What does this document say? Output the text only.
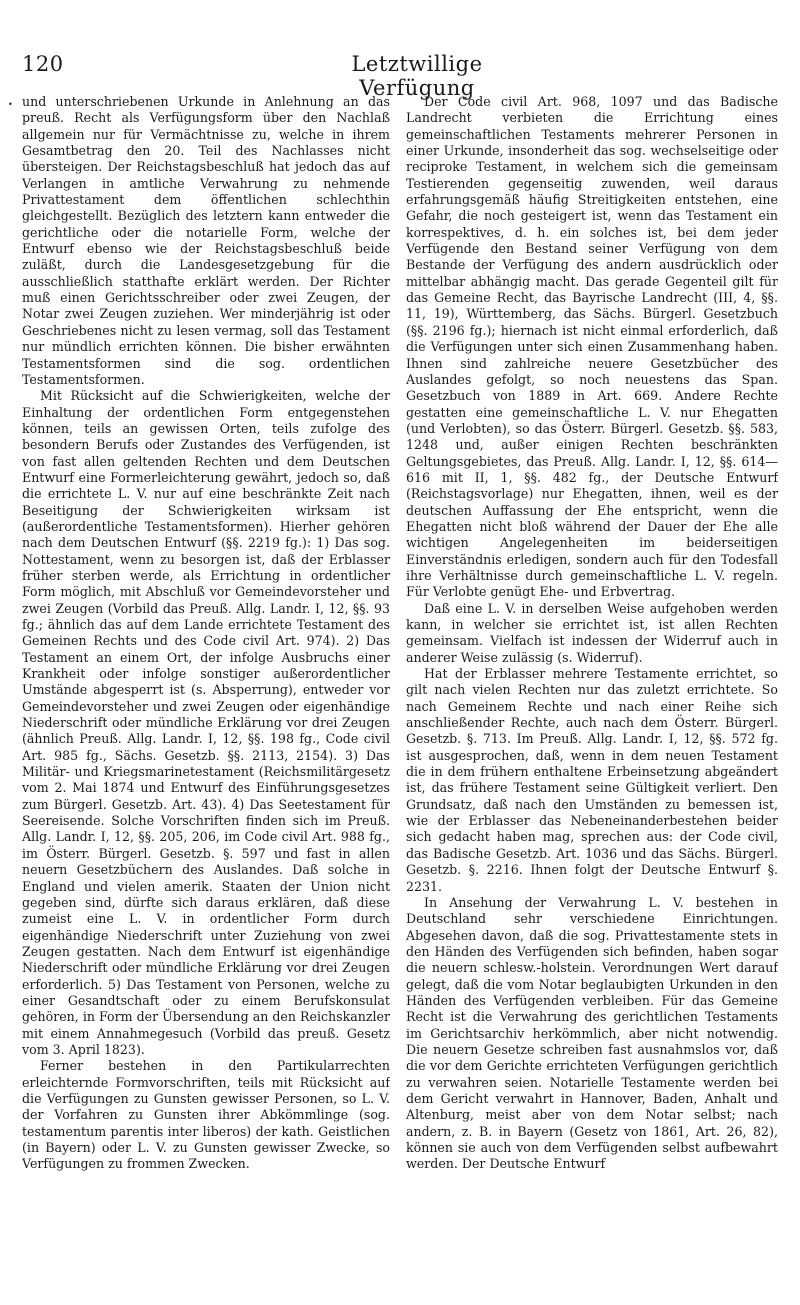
120	Letztwillige Verfügung
• und unterschriebenen Urkunde in Anlehnung an das preuß. Recht als Verfügungsform über den Nachlaß allgemein nur für Vermächtnisse zu, welche in ihrem Gesamtbetrag den 20. Teil des Nachlasses nicht übersteigen. Der Reichstagsbeschluß hat jedoch das auf Verlangen in amtliche Verwahrung zu nehmende Privattestament dem öffentlichen schlechthin gleichgestellt. Bezüglich des letztern kann entweder die gerichtliche oder die notarielle Form, welche der Entwurf ebenso wie der Reichstagsbeschluß beide zuläßt, durch die Landesgesetzgebung für die ausschließlich statthafte erklärt werden. Der Richter muß einen Gerichtsschreiber oder zwei Zeugen, der Notar zwei Zeugen zuziehen. Wer minderjährig ist oder Geschriebenes nicht zu lesen vermag, soll das Testament nur mündlich errichten können. Die bisher erwähnten Testamentsformen sind die sog. ordentlichen Testamentsformen.

Mit Rücksicht auf die Schwierigkeiten, welche der Einhaltung der ordentlichen Form entgegenstehen können, teils an gewissen Orten, teils zufolge des besondern Berufs oder Zustandes des Verfügenden, ist von fast allen geltenden Rechten und dem Deutschen Entwurf eine Formerleichterung gewährt, jedoch so, daß die errichtete L. V. nur auf eine beschränkte Zeit nach Beseitigung der Schwierigkeiten wirksam ist (außerordentliche Testamentsformen). Hierher gehören nach dem Deutschen Entwurf (§§. 2219 fg.): 1) Das sog. Nottestament, wenn zu besorgen ist, daß der Erblasser früher sterben werde, als Errichtung in ordentlicher Form möglich, mit Abschluß vor Gemeindevorsteher und zwei Zeugen (Vorbild das Preuß. Allg. Landr. I, 12, §§. 93 fg.; ähnlich das auf dem Lande errichtete Testament des Gemeinen Rechts und des Code civil Art. 974). 2) Das Testament an einem Ort, der infolge Ausbruchs einer Krankheit oder infolge sonstiger außerordentlicher Umstände abgesperrt ist (s. Absperrung), entweder vor Gemeindevorsteher und zwei Zeugen oder eigenhändige Niederschrift oder mündliche Erklärung vor drei Zeugen (ähnlich Preuß. Allg. Landr. I, 12, §§. 198 fg., Code civil Art. 985 fg., Sächs. Gesetzb. §§. 2113, 2154). 3) Das Militär- und Kriegsmarinetestament (Reichsmilitärgesetz vom 2. Mai 1874 und Entwurf des Einführungsgesetzes zum Bürgerl. Gesetzb. Art. 43). 4) Das Seetestament für Seereisende. Solche Vorschriften finden sich im Preuß. Allg. Landr. I, 12, §§. 205, 206, im Code civil Art. 988 fg., im Österr. Bürgerl. Gesetzb. §. 597 und fast in allen neuern Gesetzbüchern des Auslandes. Daß solche in England und vielen amerik. Staaten der Union nicht gegeben sind, dürfte sich daraus erklären, daß diese zumeist eine L. V. in ordentlicher Form durch eigenhändige Niederschrift unter Zuziehung von zwei Zeugen gestatten. Nach dem Entwurf ist eigenhändige Niederschrift oder mündliche Erklärung vor drei Zeugen erforderlich. 5) Das Testament von Personen, welche zu einer Gesandtschaft oder zu einem Berufskonsulat gehören, in Form der Übersendung an den Reichskanzler mit einem Annahmegesuch (Vorbild das preuß. Gesetz vom 3. April 1823).

Ferner bestehen in den Partikularrechten erleichternde Formvorschriften, teils mit Rücksicht auf die Verfügungen zu Gunsten gewisser Personen, so L. V. der Vorfahren zu Gunsten ihrer Abkömmlinge (sog. testamentum parentis inter liberos) der kath. Geistlichen (in Bayern) oder L. V. zu Gunsten gewisser Zwecke, so Verfügungen zu frommen Zwecken.

Der Code civil Art. 968, 1097 und das Badische Landrecht verbieten die Errichtung eines gemeinschaftlichen Testaments mehrerer Personen in einer Urkunde, insonderheit das sog. wechselseitige oder reciproke Testament, in welchem sich die gemeinsam Testierenden gegenseitig zuwenden, weil daraus erfahrungsgemäß häufig Streitigkeiten entstehen, eine Gefahr, die noch gesteigert ist, wenn das Testament ein korrespektives, d. h. ein solches ist, bei dem jeder Verfügende den Bestand seiner Verfügung von dem Bestande der Verfügung des andern ausdrücklich oder mittelbar abhängig macht. Das gerade Gegenteil gilt für das Gemeine Recht, das Bayrische Landrecht (III, 4, §§. 11, 19), Württemberg, das Sächs. Bürgerl. Gesetzbuch (§§. 2196 fg.); hiernach ist nicht einmal erforderlich, daß die Verfügungen unter sich einen Zusammenhang haben. Ihnen sind zahlreiche neuere Gesetzbücher des Auslandes gefolgt, so noch neuestens das Span. Gesetzbuch von 1889 in Art. 669. Andere Rechte gestatten eine gemeinschaftliche L. V. nur Ehegatten (und Verlobten), so das Österr. Bürgerl. Gesetzb. §§. 583, 1248 und, außer einigen Rechten beschränkten Geltungsgebietes, das Preuß. Allg. Landr. I, 12, §§. 614—616 mit II, 1, §§. 482 fg., der Deutsche Entwurf (Reichstagsvorlage) nur Ehegatten, ihnen, weil es der deutschen Auffassung der Ehe entspricht, wenn die Ehegatten nicht bloß während der Dauer der Ehe alle wichtigen Angelegenheiten im beiderseitigen Einverständnis erledigen, sondern auch für den Todesfall ihre Verhältnisse durch gemeinschaftliche L. V. regeln. Für Verlobte genügt Ehe- und Erbvertrag.

Daß eine L. V. in derselben Weise aufgehoben werden kann, in welcher sie errichtet ist, ist allen Rechten gemeinsam. Vielfach ist indessen der Widerruf auch in anderer Weise zulässig (s. Widerruf).

Hat der Erblasser mehrere Testamente errichtet, so gilt nach vielen Rechten nur das zuletzt errichtete. So nach Gemeinem Rechte und nach einer Reihe sich anschließender Rechte, auch nach dem Österr. Bürgerl. Gesetzb. §. 713. Im Preuß. Allg. Landr. I, 12, §§. 572 fg. ist ausgesprochen, daß, wenn in dem neuen Testament die in dem frühern enthaltene Erbeinsetzung abgeändert ist, das frühere Testament seine Gültigkeit verliert. Den Grundsatz, daß nach den Umständen zu bemessen ist, wie der Erblasser das Nebeneinanderbestehen beider sich gedacht haben mag, sprechen aus: der Code civil, das Badische Gesetzb. Art. 1036 und das Sächs. Bürgerl. Gesetzb. §. 2216. Ihnen folgt der Deutsche Entwurf §. 2231.

In Ansehung der Verwahrung L. V. bestehen in Deutschland sehr verschiedene Einrichtungen. Abgesehen davon, daß die sog. Privattestamente stets in den Händen des Verfügenden sich befinden, haben sogar die neuern schlesw.-holstein. Verordnungen Wert darauf gelegt, daß die vom Notar beglaubigten Urkunden in den Händen des Verfügenden verbleiben. Für das Gemeine Recht ist die Verwahrung des gerichtlichen Testaments im Gerichtsarchiv herkömmlich, aber nicht notwendig. Die neuern Gesetze schreiben fast ausnahmslos vor, daß die vor dem Gerichte errichteten Verfügungen gerichtlich zu verwahren seien. Notarielle Testamente werden bei dem Gericht verwahrt in Hannover, Baden, Anhalt und Altenburg, meist aber von dem Notar selbst; nach andern, z. B. in Bayern (Gesetz von 1861, Art. 26, 82), können sie auch von dem Verfügenden selbst aufbewahrt werden. Der Deutsche Entwurf
